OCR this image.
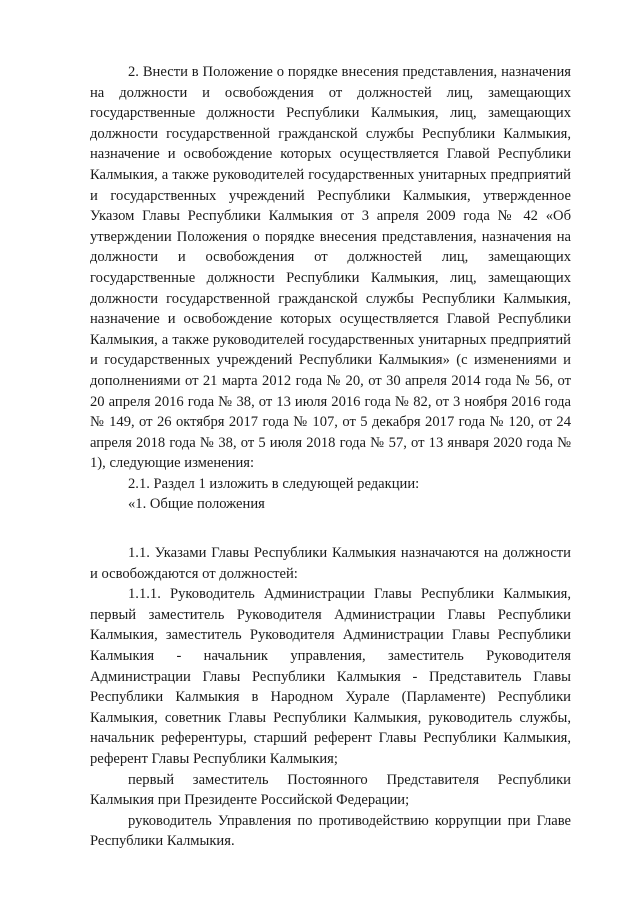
2. Внести в Положение о порядке внесения представления, назначения на должности и освобождения от должностей лиц, замещающих государственные должности Республики Калмыкия, лиц, замещающих должности государственной гражданской службы Республики Калмыкия, назначение и освобождение которых осуществляется Главой Республики Калмыкия, а также руководителей государственных унитарных предприятий и государственных учреждений Республики Калмыкия, утвержденное Указом Главы Республики Калмыкия от 3 апреля 2009 года № 42 «Об утверждении Положения о порядке внесения представления, назначения на должности и освобождения от должностей лиц, замещающих государственные должности Республики Калмыкия, лиц, замещающих должности государственной гражданской службы Республики Калмыкия, назначение и освобождение которых осуществляется Главой Республики Калмыкия, а также руководителей государственных унитарных предприятий и государственных учреждений Республики Калмыкия» (с изменениями и дополнениями от 21 марта 2012 года № 20, от 30 апреля 2014 года № 56, от 20 апреля 2016 года № 38, от 13 июля 2016 года № 82, от 3 ноября 2016 года № 149, от 26 октября 2017 года № 107, от 5 декабря 2017 года № 120, от 24 апреля 2018 года № 38, от 5 июля 2018 года № 57, от 13 января 2020 года № 1), следующие изменения:

2.1. Раздел 1 изложить в следующей редакции:

«1. Общие положения

1.1. Указами Главы Республики Калмыкия назначаются на должности и освобождаются от должностей:

1.1.1. Руководитель Администрации Главы Республики Калмыкия, первый заместитель Руководителя Администрации Главы Республики Калмыкия, заместитель Руководителя Администрации Главы Республики Калмыкия - начальник управления, заместитель Руководителя Администрации Главы Республики Калмыкия - Представитель Главы Республики Калмыкия в Народном Хурале (Парламенте) Республики Калмыкия, советник Главы Республики Калмыкия, руководитель службы, начальник референтуры, старший референт Главы Республики Калмыкия, референт Главы Республики Калмыкия;

первый заместитель Постоянного Представителя Республики Калмыкия при Президенте Российской Федерации;

руководитель Управления по противодействию коррупции при Главе Республики Калмыкия.
